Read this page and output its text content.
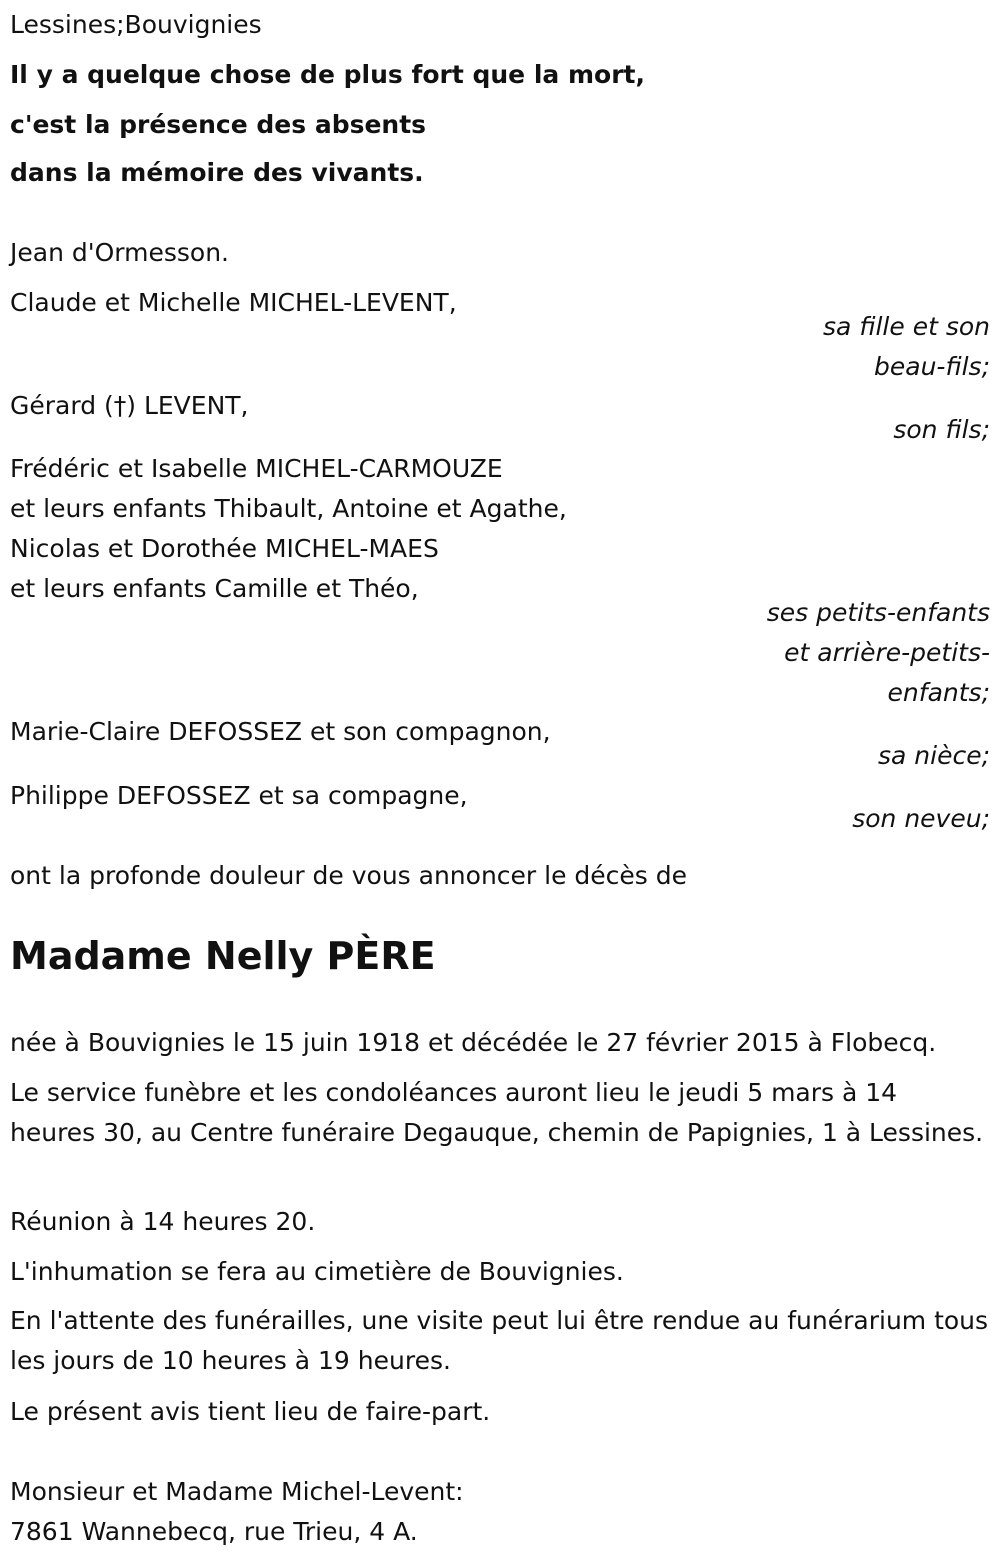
Lessines;Bouvignies
Il y a quelque chose de plus fort que la mort,
c'est la présence des absents
dans la mémoire des vivants.
Jean d'Ormesson.
Claude et Michelle MICHEL-LEVENT,
sa fille et son
beau-fils;
Gérard (†) LEVENT,
son fils;
Frédéric et Isabelle MICHEL-CARMOUZE
et leurs enfants Thibault, Antoine et Agathe,
Nicolas et Dorothée MICHEL-MAES
et leurs enfants Camille et Théo,
ses petits-enfants
et arrière-petits-
enfants;
Marie-Claire DEFOSSEZ et son compagnon,
sa nièce;
Philippe DEFOSSEZ et sa compagne,
son neveu;
ont la profonde douleur de vous annoncer le décès de
Madame Nelly PÈRE
née à Bouvignies le 15 juin 1918 et décédée le 27 février 2015 à Flobecq.
Le service funèbre et les condoléances auront lieu le jeudi 5 mars à 14 heures 30, au Centre funéraire Degauque, chemin de Papignies, 1 à Lessines.
Réunion à 14 heures 20.
L'inhumation se fera au cimetière de Bouvignies.
En l'attente des funérailles, une visite peut lui être rendue au funérarium tous les jours de 10 heures à 19 heures.
Le présent avis tient lieu de faire-part.
Monsieur et Madame Michel-Levent:
7861 Wannebecq, rue Trieu, 4 A.
